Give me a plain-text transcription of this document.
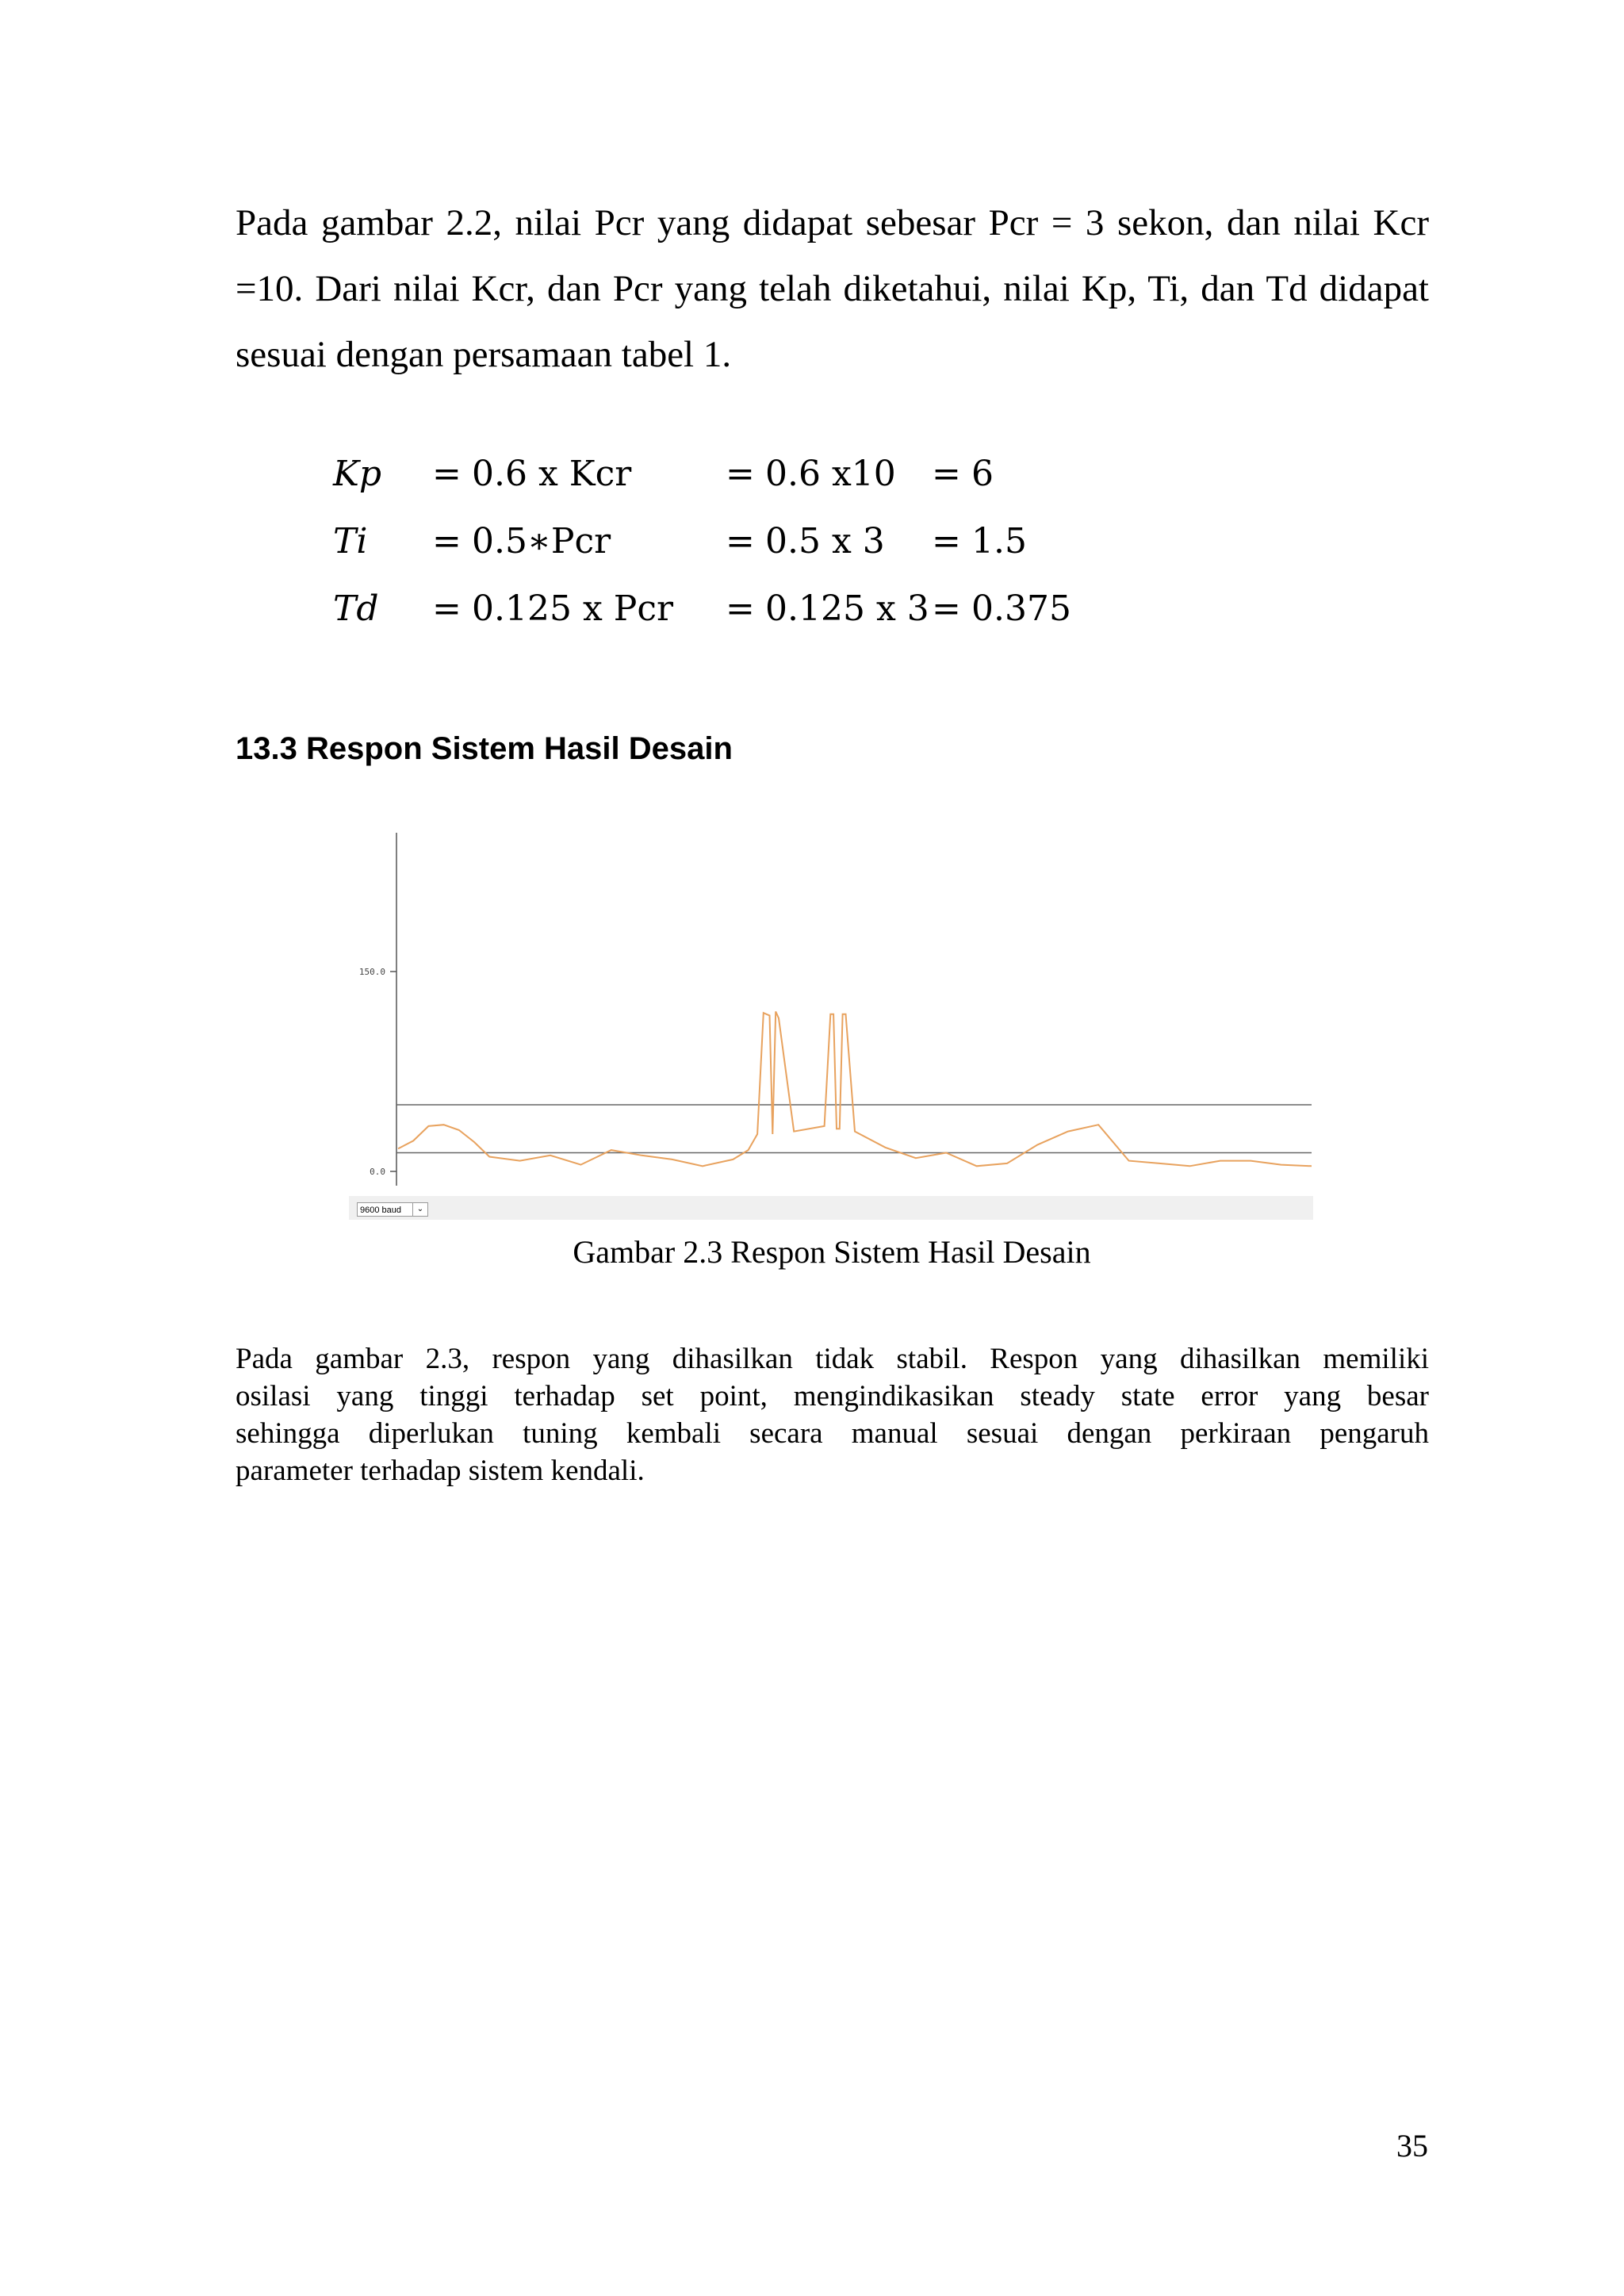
Pada gambar 2.2, nilai Pcr yang didapat sebesar Pcr = 3 sekon, dan nilai Kcr
=10. Dari nilai Kcr, dan Pcr yang telah diketahui, nilai Kp, Ti, dan Td didapat
sesuai dengan persamaan tabel 1.
Kp = 0.6 x Kcr	= 0.6 x10 = 6
Ti = 0.5∗Pcr	= 0.5 x 3 = 1.5
Td = 0.125 x Pcr = 0.125 x 3 = 0.375
13.3 Respon Sistem Hasil Desain
0.0
150.0
9600 baud	⌄
Gambar 2.3 Respon Sistem Hasil Desain
Pada gambar 2.3, respon yang dihasilkan tidak stabil. Respon yang dihasilkan memiliki
osilasi yang tinggi terhadap set point, mengindikasikan steady state error yang besar
sehingga diperlukan tuning kembali secara manual sesuai dengan perkiraan pengaruh
parameter terhadap sistem kendali.
35
